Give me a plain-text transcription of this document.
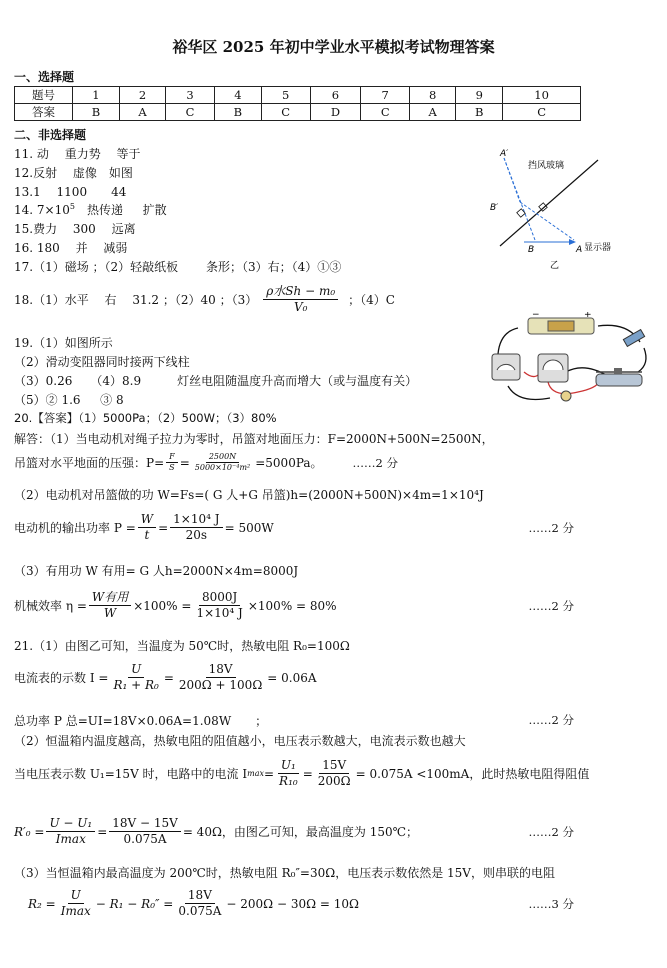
裕华区 2025 年初中学业水平模拟考试物理答案
一、选择题
题号	1	2	3	4	5	6	7	8	9	10
答案	B	A	C	B	C	D	C	A	B	C
二、非选择题
11. 动　 重力势 　等于
12.反射　 虚像　如图
13.1　 1100　　44
14. $7\times 10^5$　热传递 　 扩散
15.费力　 300　 远离
16. 180　 并　 减弱
17.（1）磁场 ；（2）轻敲纸板　　 条形；（3）右；（4）①③
18.（1）水平　 右　 31.2 ；（2）40 ；$(3) \frac{\text{ρ水Sh − m₀}}{\text{V₀}}$ ；（4）C
19.（1）如图所示
（2）滑动变阻器同时接两下线柱
（3）0.26　　（4）8.9　　　灯丝电阻随温度升高而增大（或与温度有关）
（5）② 1.6 　 ③ 8
20.【答案】（1）5000Pa；（2）500W；（3）80%
解答：（1）当电动机对绳子拉力为零时，吊篮对地面压力：F=2000N+500N=2500N，
吊篮对水平地面的压强：$P= \frac{F}{S} = \frac{2500N}{\text{5000×10⁻⁴m²}} =5000Pa$。	……2 分
（2）电动机对吊篮做的功 W=Fs=( G 人+G 吊篮)h=(2000N+500N)×4m=1×10⁴J
电动机的输出功率 $P = \frac{W}{t} = \frac{\text{1×10⁴ J}}{20s} = 500W$	……2 分
（3）有用功 W 有用= G 人h=2000N×4m=8000J
机械效率 $\eta = \frac{\text{W有用}}{W} \times 100\% = \frac{8000J}{\text{1×10⁴ J}} \times 100\% = 80\%$	……2 分
21.（1）由图乙可知，当温度为 50℃时，热敏电阻 R₀=100Ω
电流表的示数 $I = \frac{U}{\text{R₁ + R₀}} = \frac{18V}{200\Omega + 100\Omega} = 0.06A$
总功率 P 总=UI=18V×0.06A=1.08W　　；	……2 分
（2）恒温箱内温度越高，热敏电阻的阻值越小，电压表示数越大，电流表示数也越大
当电压表示数 U₁=15V 时，电路中的电流 I $\max = \frac{\text{U₁}}{\text{R₁₀}} = \frac{15V}{200\Omega} = 0.075A <100mA$，此时热敏电阻得阻值
$R'_0 = \frac{\text{U − U₁}}{Imax} = \frac{18V - 15V}{0.075A} = 40\Omega$，由图乙可知，最高温度为 150℃；	……2 分
（3）当恒温箱内最高温度为 200℃时，热敏电阻 R₀″=30Ω，电压表示数依然是 15V，则串联的电阻
$R_2 = \frac{U}{Imax} - R_1 - R_0'' = \frac{18V}{0.075A} - 200\Omega - 30\Omega = 10\Omega$	……3 分
A′
B′
B	A
挡风玻璃
显示器
乙
−	+
